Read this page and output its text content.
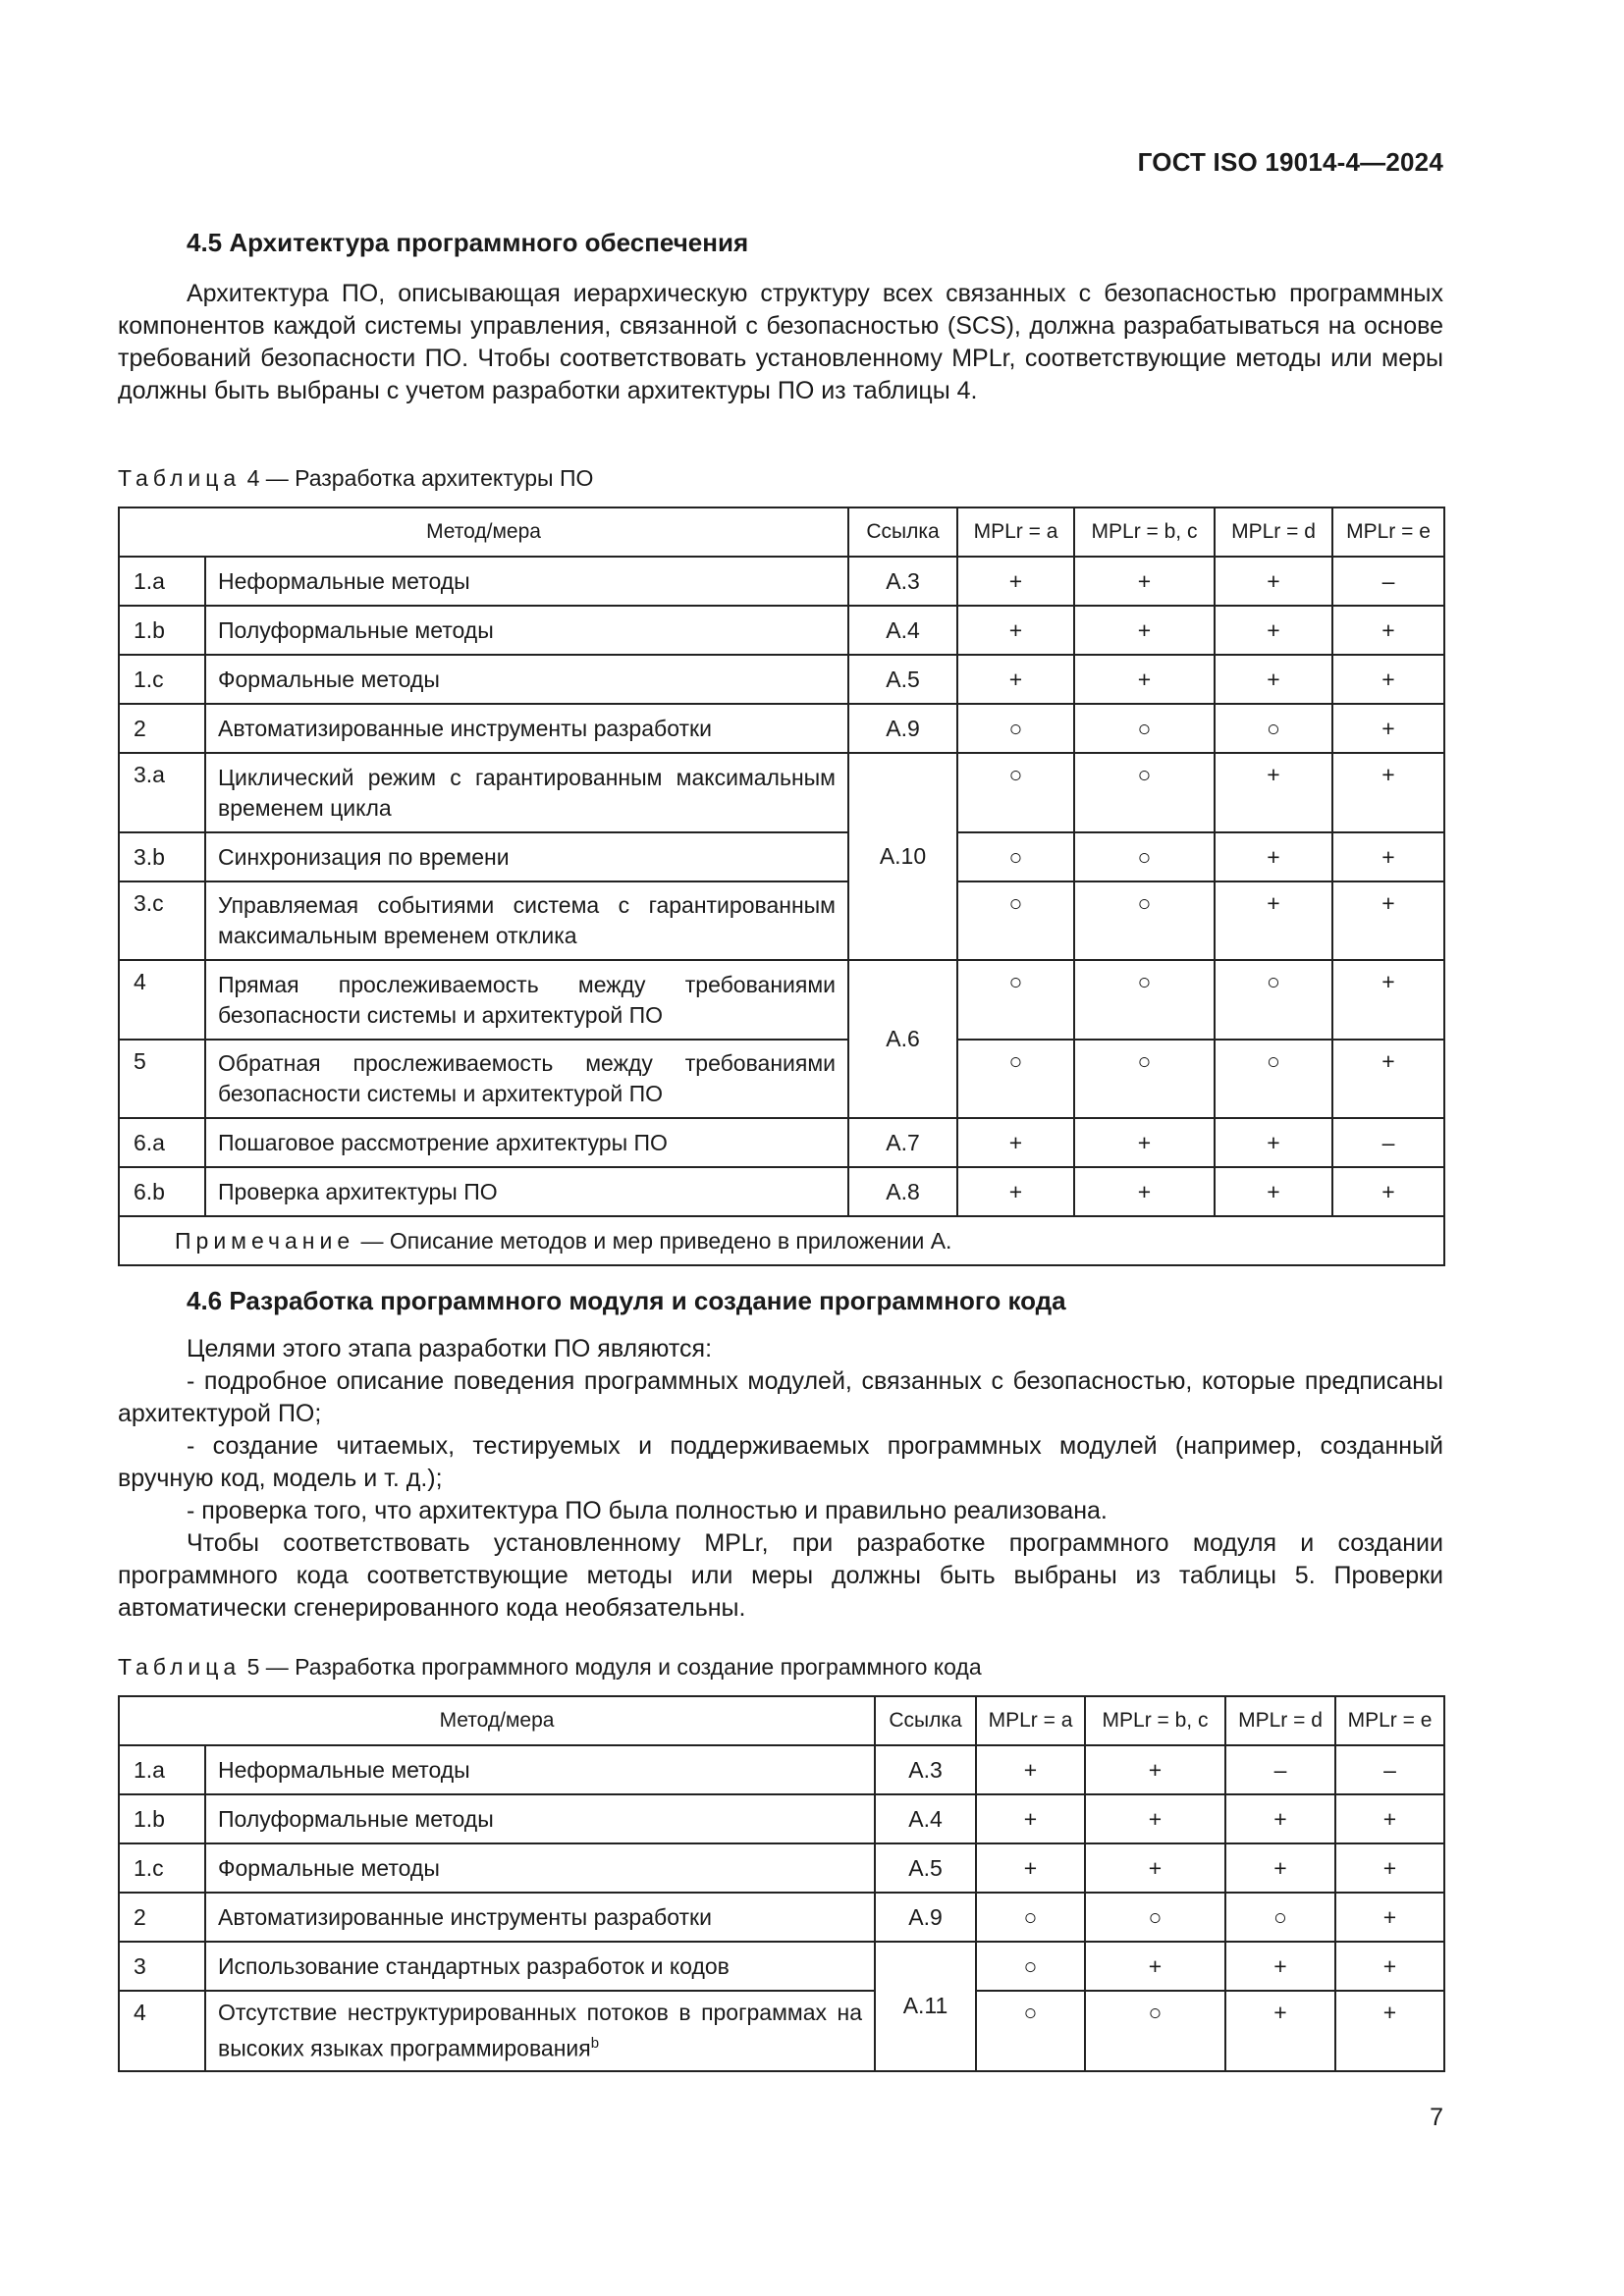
ГОСТ ISO 19014-4—2024
4.5 Архитектура программного обеспечения
Архитектура ПО, описывающая иерархическую структуру всех связанных с безопасностью программных компонентов каждой системы управления, связанной с безопасностью (SCS), должна разрабатываться на основе требований безопасности ПО. Чтобы соответствовать установленному MPLr, соответствующие методы или меры должны быть выбраны с учетом разработки архитектуры ПО из таблицы 4.
Таблица 4 — Разработка архитектуры ПО
Метод/мера		Ссылка	MPLr = a	MPLr = b, c	MPLr = d	MPLr = e
1.a	Неформальные методы	A.3	+	+	+	–
1.b	Полуформальные методы	A.4	+	+	+	+
1.c	Формальные методы	A.5	+	+	+	+
2	Автоматизированные инструменты разработки	A.9	○	○	○	+
3.a	Циклический режим с гарантированным максимальным временем цикла	A.10	○	○	+	+
3.b	Синхронизация по времени		○	○	+	+
3.c	Управляемая событиями система с гарантированным максимальным временем отклика		○	○	+	+
4	Прямая прослеживаемость между требованиями безопасности системы и архитектурой ПО	A.6	○	○	○	+
5	Обратная прослеживаемость между требованиями безопасности системы и архитектурой ПО		○	○	○	+
6.a	Пошаговое рассмотрение архитектуры ПО	A.7	+	+	+	–
6.b	Проверка архитектуры ПО	A.8	+	+	+	+
Примечание — Описание методов и мер приведено в приложении А.						
4.6 Разработка программного модуля и создание программного кода
Целями этого этапа разработки ПО являются:
- подробное описание поведения программных модулей, связанных с безопасностью, которые предписаны архитектурой ПО;
- создание читаемых, тестируемых и поддерживаемых программных модулей (например, созданный вручную код, модель и т. д.);
- проверка того, что архитектура ПО была полностью и правильно реализована.
Чтобы соответствовать установленному MPLr, при разработке программного модуля и создании программного кода соответствующие методы или меры должны быть выбраны из таблицы 5. Проверки автоматически сгенерированного кода необязательны.
Таблица 5 — Разработка программного модуля и создание программного кода
Метод/мера		Ссылка	MPLr = a	MPLr = b, c	MPLr = d	MPLr = e
1.a	Неформальные методы	A.3	+	+	–	–
1.b	Полуформальные методы	A.4	+	+	+	+
1.c	Формальные методы	A.5	+	+	+	+
2	Автоматизированные инструменты разработки	A.9	○	○	○	+
3	Использование стандартных разработок и кодов	A.11	○	+	+	+
4	Отсутствие неструктурированных потоков в программах на высоких языках программирования$^b$		○	○	+	+
7
